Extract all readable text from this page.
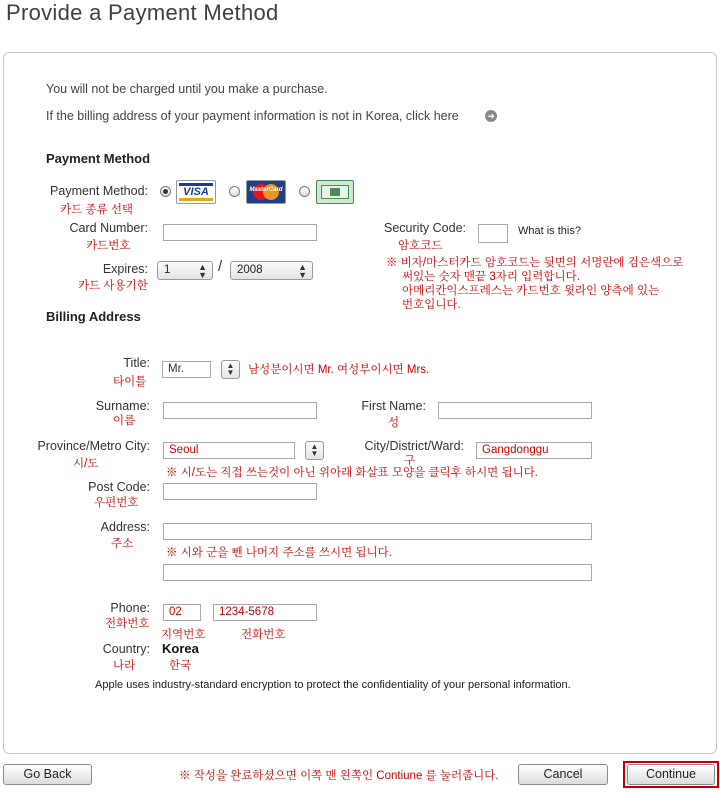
Provide a Payment Method
You will not be charged until you make a purchase.
If the billing address of your payment information is not in Korea, click here	➜
Payment Method
Payment Method:
카드 종류 선택
VISA	MasterCard
Card Number:
카드번호
Expires:
카드 사용기한
1	▲
▼ /	2008	▲
▼
Security Code:
암호코드
What is this?
※ 비자/마스터카드 암호코드는 뒷면의 서명란에 검은색으로
써있는 숫자 맨끝 3자리 입력합니다.
아메리칸익스프레스는 카드번호 윗라인 양측에 있는
번호입니다.
Billing Address
Title:
타이틀
Mr.	▲
▼	남성분이시면 Mr. 여성부이시면 Mrs.
Surname:
이름
First Name:
성
Province/Metro City:
시/도
Seoul	▲
▼
City/District/Ward:
구
Gangdonggu
※ 시/도는 직접 쓰는것이 아닌 위아래 화살표 모양을 클릭후 하시면 됩니다.
Post Code:
우편번호
Address:
주소
※ 시와 군을 뺀 나머지 주소를 쓰시면 됩니다.
Phone:
전화번호
02	1234-5678
지역번호	전화번호
Country:
나라
Korea
한국
Apple uses industry-standard encryption to protect the confidentiality of your personal information.
Go Back	※ 작성을 완료하셨으면 이쪽 맨 왼쪽인 Contiune 를 눌러줍니다.	Cancel	Continue
